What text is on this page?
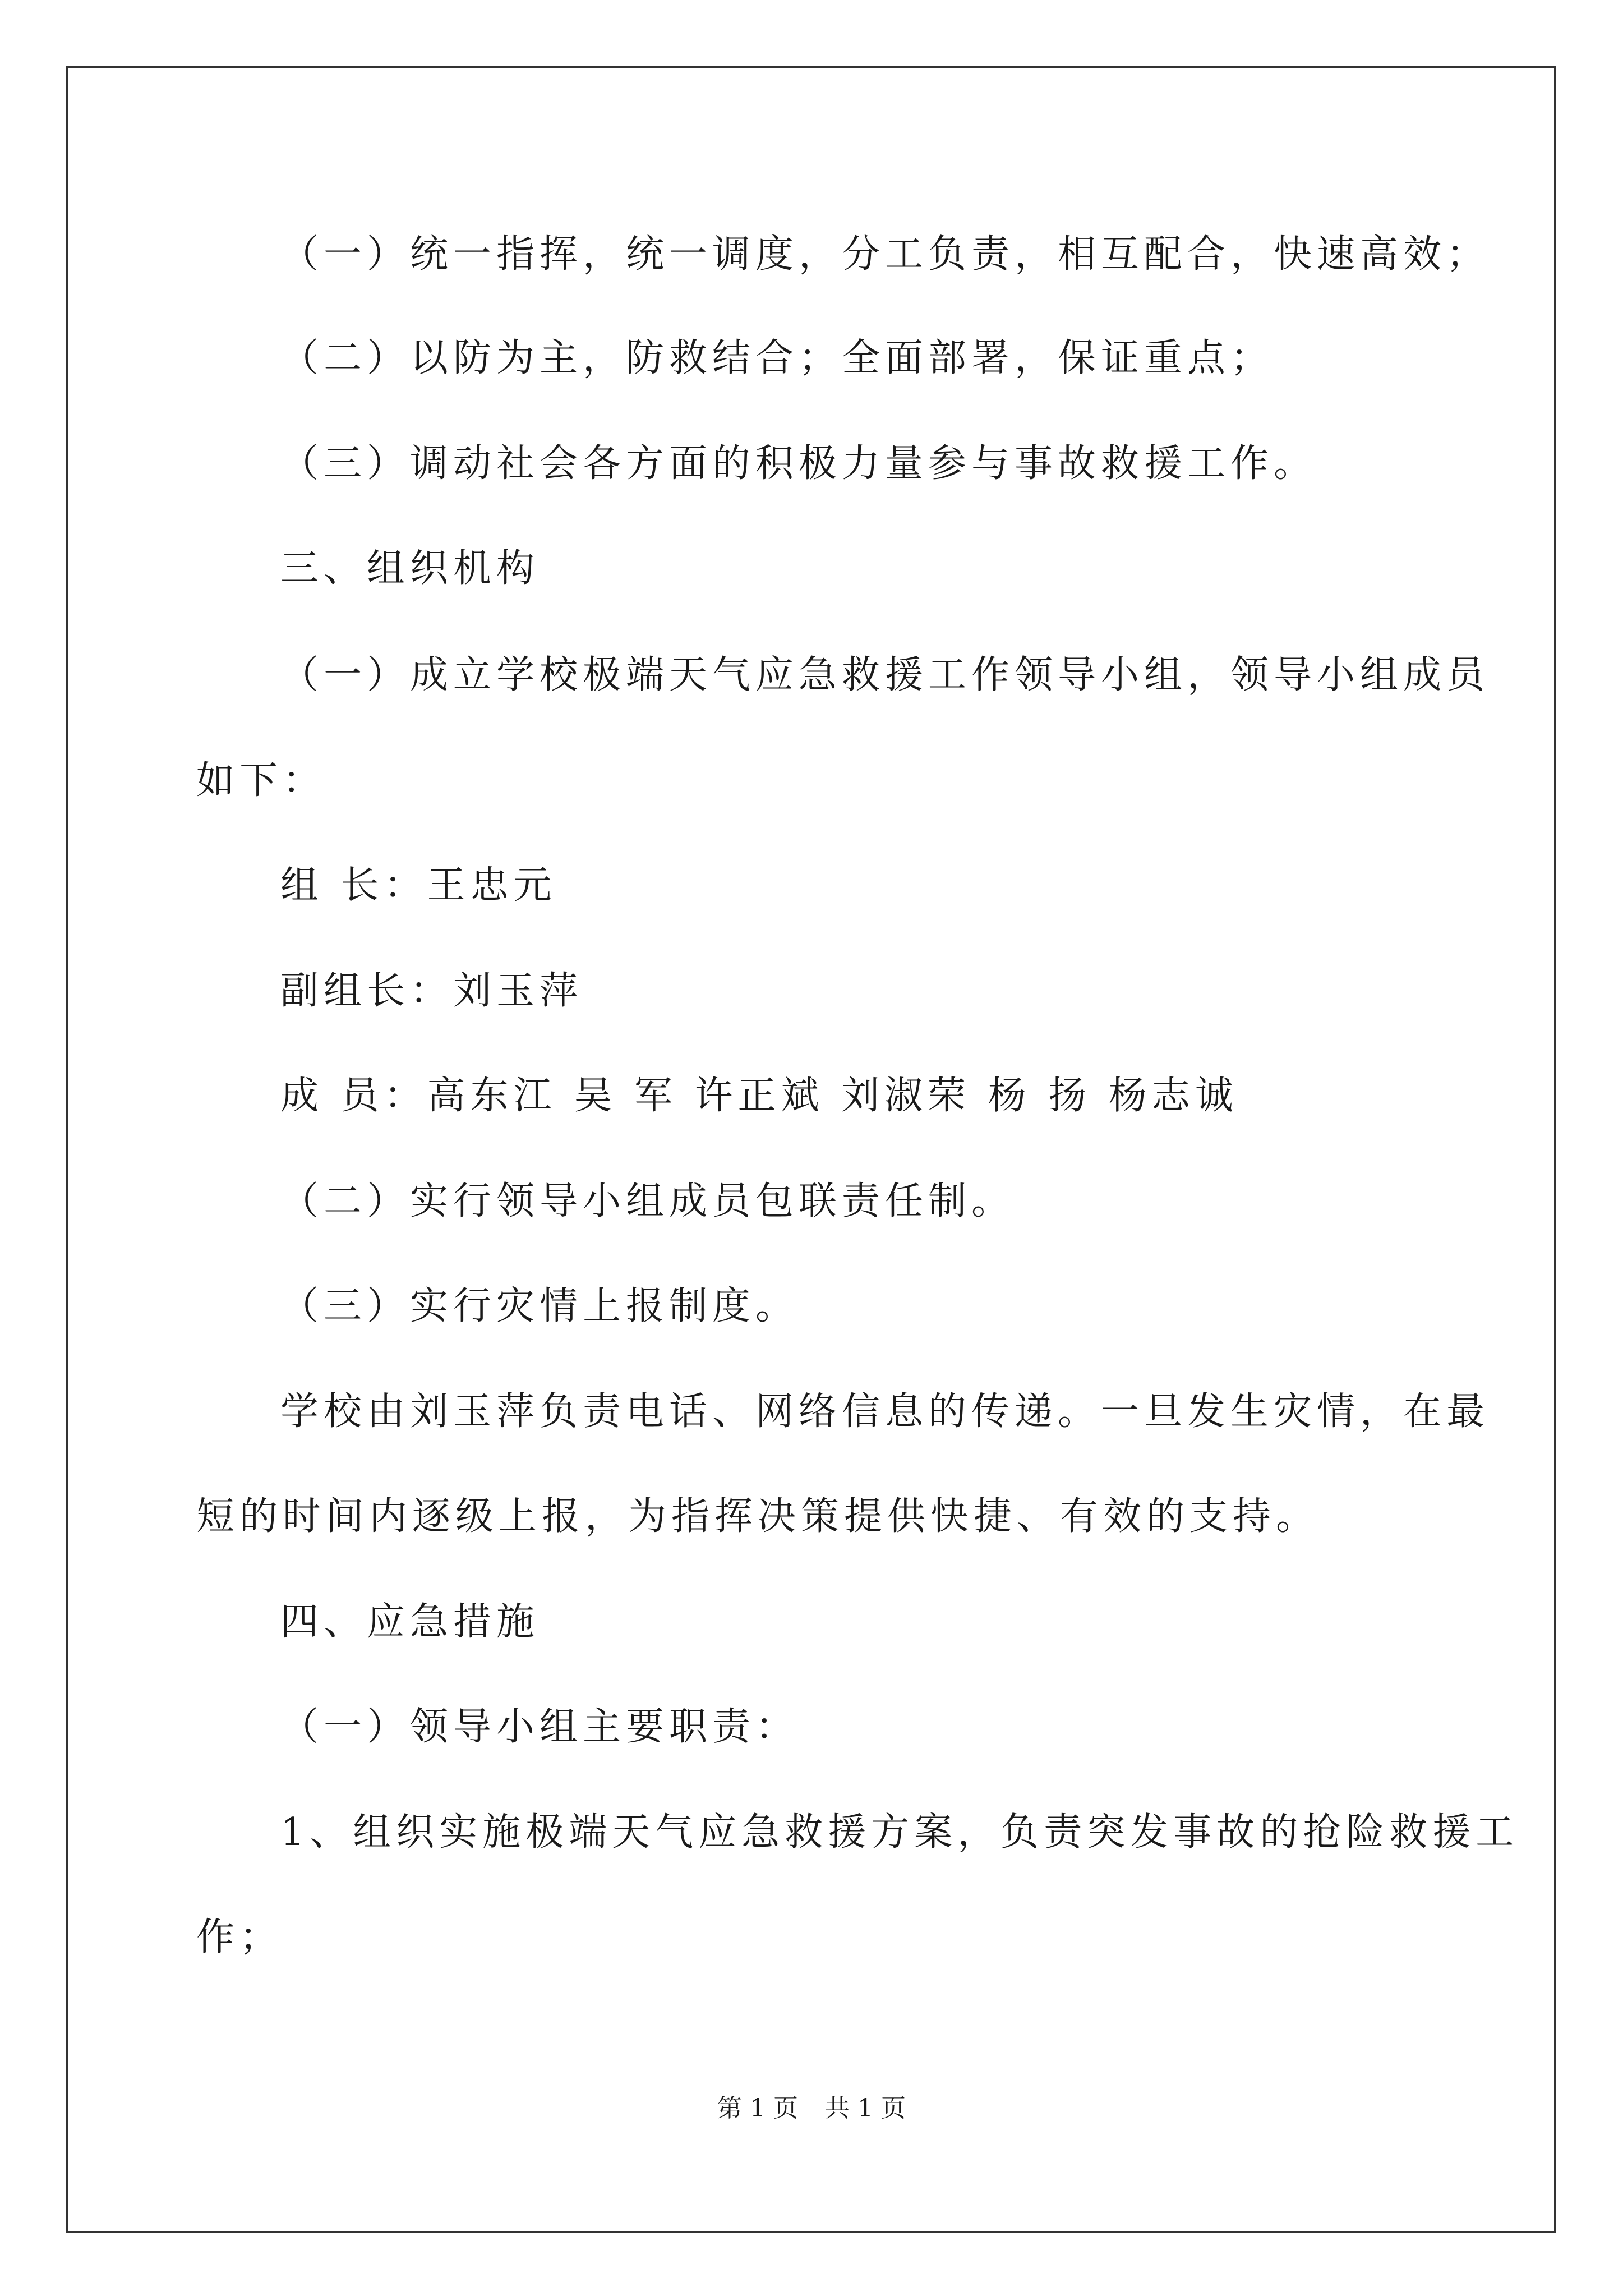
（一）统一指挥，统一调度，分工负责，相互配合，快速高效；
（二）以防为主，防救结合；全面部署，保证重点；
（三）调动社会各方面的积极力量参与事故救援工作。
三、组织机构
（一）成立学校极端天气应急救援工作领导小组，领导小组成员
如下：
组 长：王忠元
副组长：刘玉萍
成 员：高东江 吴 军 许正斌 刘淑荣 杨 扬 杨志诚
（二）实行领导小组成员包联责任制。
（三）实行灾情上报制度。
学校由刘玉萍负责电话、网络信息的传递。一旦发生灾情，在最
短的时间内逐级上报，为指挥决策提供快捷、有效的支持。
四、应急措施
（一）领导小组主要职责：
1、组织实施极端天气应急救援方案，负责突发事故的抢险救援工
作；
第 1 页 共 1 页
